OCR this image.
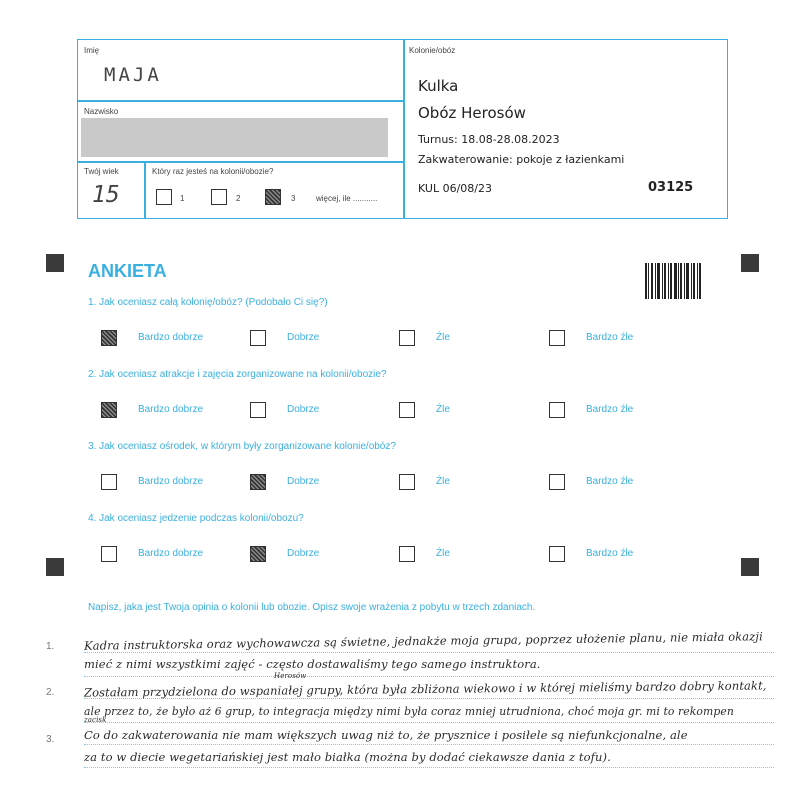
Imię
MAJA
Nazwisko
Twój wiek
15
Który raz jesteś na kolonii/obozie?
1	2	3	więcej, ile ...........
Kolonie/obóz
Kulka
Obóz Herosów
Turnus: 18.08-28.08.2023
Zakwaterowanie: pokoje z łazienkami
KUL 06/08/23	03125
ANKIETA
1. Jak oceniasz całą kolonię/obóz? (Podobało Ci się?)
Bardzo dobrze	Dobrze	Źle	Bardzo źle
2. Jak oceniasz atrakcje i zajęcia zorganizowane na kolonii/obozie?
Bardzo dobrze	Dobrze	Źle	Bardzo źle
3. Jak oceniasz ośrodek, w którym były zorganizowane kolonie/obóz?
Bardzo dobrze	Dobrze	Źle	Bardzo źle
4. Jak oceniasz jedzenie podczas kolonii/obozu?
Bardzo dobrze	Dobrze	Źle	Bardzo źle
Napisz, jaka jest Twoja opinia o kolonii lub obozie. Opisz swoje wrażenia z pobytu w trzech zdaniach.
1.
2.
3.
Kadra instruktorska oraz wychowawcza są świetne, jednakże moja grupa, poprzez ułożenie planu, nie miała okazji
mieć z nimi wszystkimi zajęć - często dostawaliśmy tego samego instruktora.
Zostałam przydzielona do wspaniałej grupy, która była zbliżona wiekowo i w której mieliśmy bardzo dobry kontakt,
ale przez to, że było aż 6 grup, to integracja między nimi była coraz mniej utrudniona, choć moja gr. mi to rekompen
Co do zakwaterowania nie mam większych uwag niż to, że prysznice i posiłele są niefunkcjonalne, ale
za to w diecie wegetariańskiej jest mało białka (można by dodać ciekawsze dania z tofu).
Herosów
zacisk
